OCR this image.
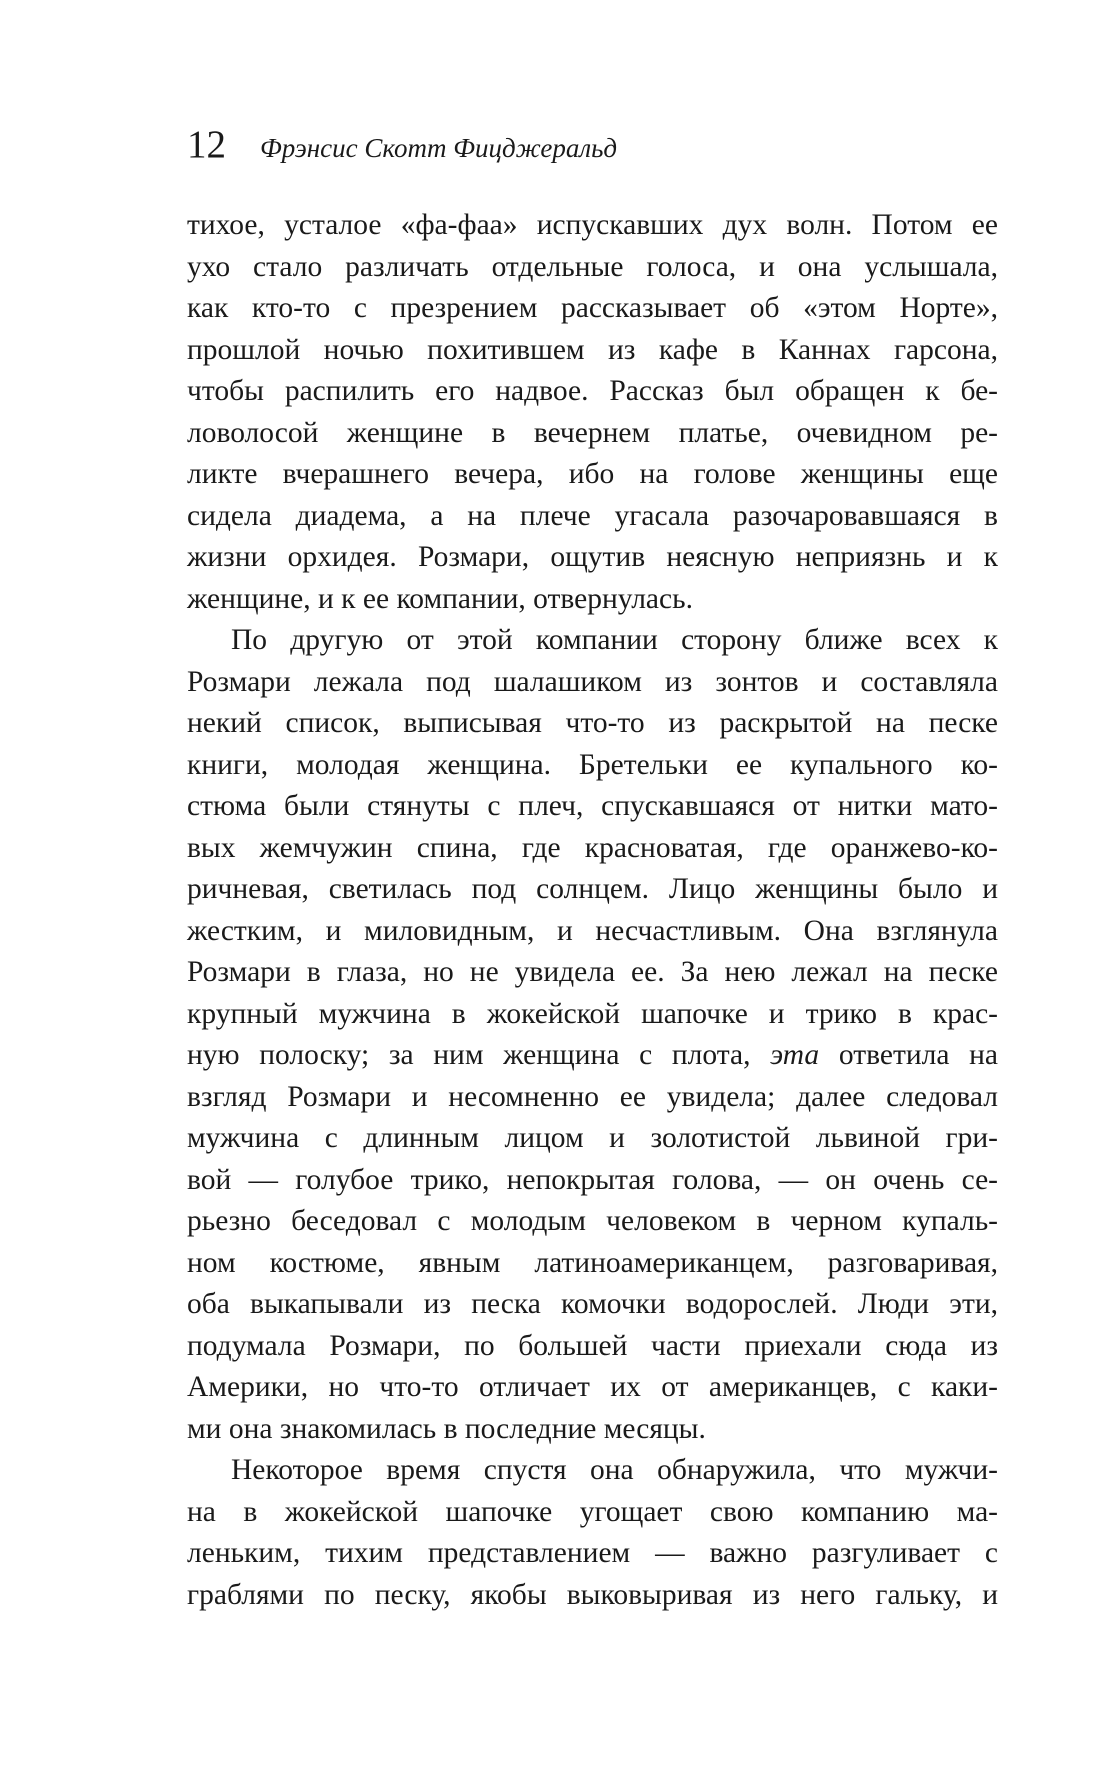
12 Фрэнсис Скотт Фицджеральд
тихое, усталое «фа-фаа» испускавших дух волн. Потом ее
ухо стало различать отдельные голоса, и она услышала,
как кто-то с презрением рассказывает об «этом Норте»,
прошлой ночью похитившем из кафе в Каннах гарсона,
чтобы распилить его надвое. Рассказ был обращен к бе-
ловолосой женщине в вечернем платье, очевидном ре-
ликте вчерашнего вечера, ибо на голове женщины еще
сидела диадема, а на плече угасала разочаровавшаяся в
жизни орхидея. Розмари, ощутив неясную неприязнь и к
женщине, и к ее компании, отвернулась.
По другую от этой компании сторону ближе всех к
Розмари лежала под шалашиком из зонтов и составляла
некий список, выписывая что-то из раскрытой на песке
книги, молодая женщина. Бретельки ее купального ко-
стюма были стянуты с плеч, спускавшаяся от нитки мато-
вых жемчужин спина, где красноватая, где оранжево-ко-
ричневая, светилась под солнцем. Лицо женщины было и
жестким, и миловидным, и несчастливым. Она взглянула
Розмари в глаза, но не увидела ее. За нею лежал на песке
крупный мужчина в жокейской шапочке и трико в крас-
ную полоску; за ним женщина с плота, эта ответила на
взгляд Розмари и несомненно ее увидела; далее следовал
мужчина с длинным лицом и золотистой львиной гри-
вой — голубое трико, непокрытая голова, — он очень се-
рьезно беседовал с молодым человеком в черном купаль-
ном костюме, явным латиноамериканцем, разговаривая,
оба выкапывали из песка комочки водорослей. Люди эти,
подумала Розмари, по большей части приехали сюда из
Америки, но что-то отличает их от американцев, с каки-
ми она знакомилась в последние месяцы.
Некоторое время спустя она обнаружила, что мужчи-
на в жокейской шапочке угощает свою компанию ма-
леньким, тихим представлением — важно разгуливает с
граблями по песку, якобы выковыривая из него гальку, и
